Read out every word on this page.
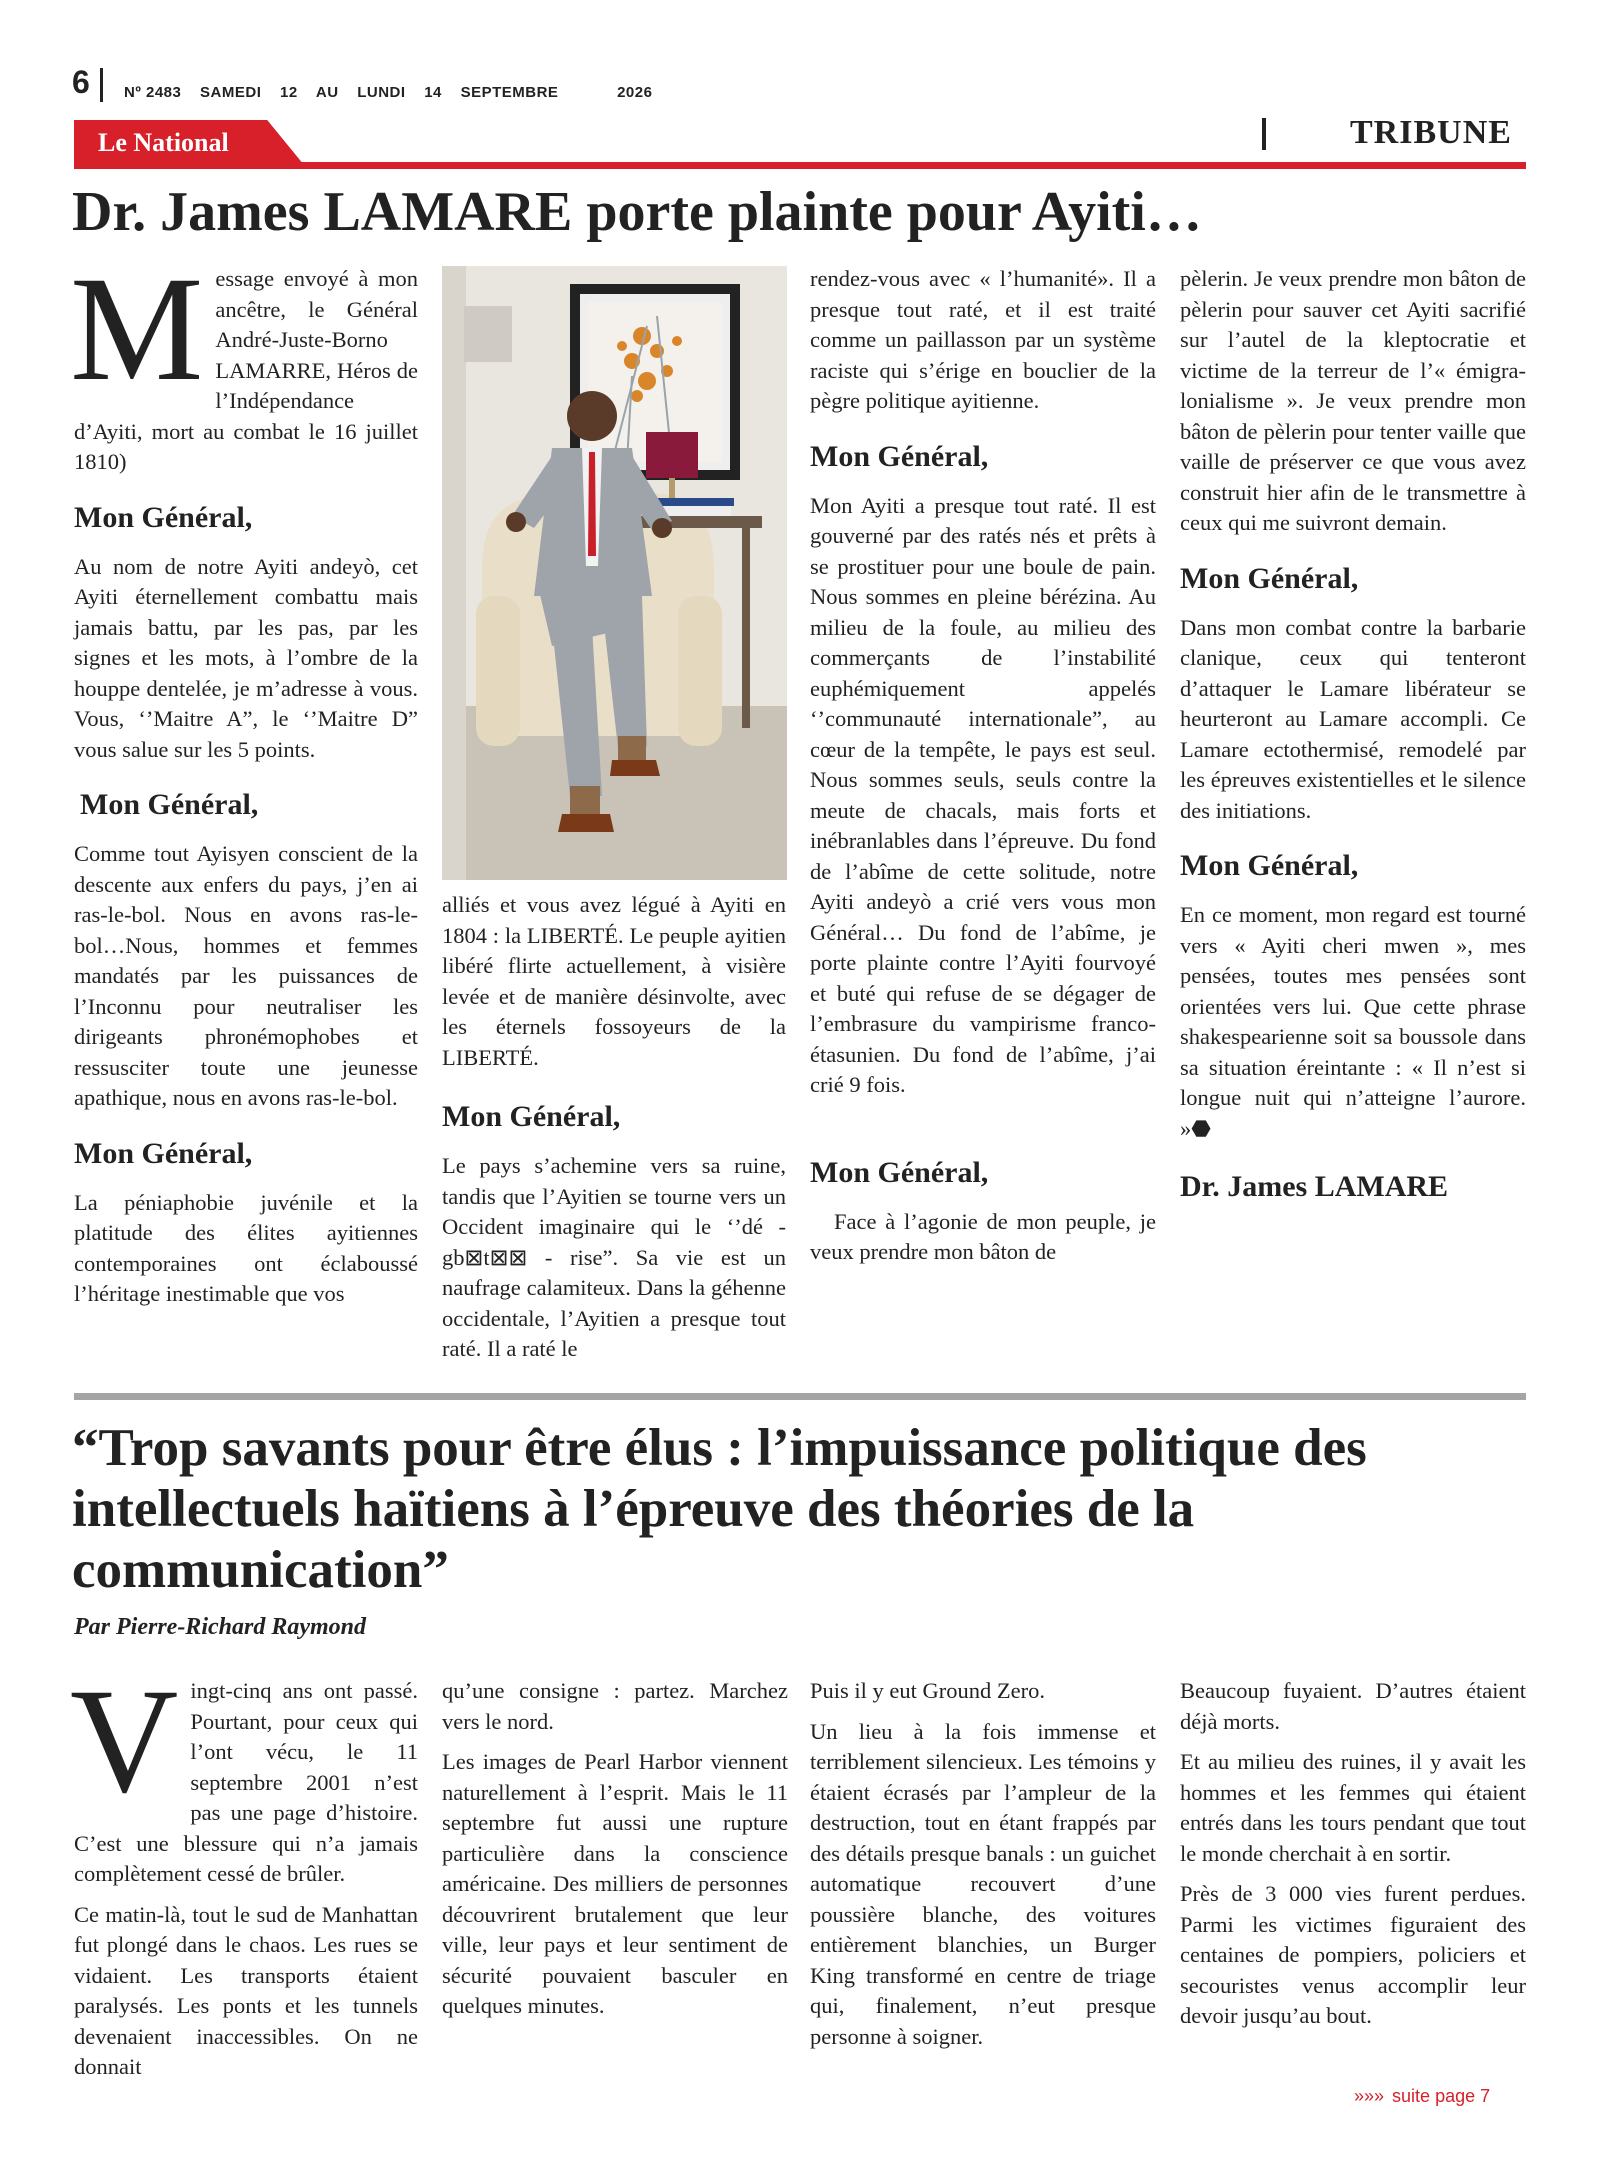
6 Nº 2483 SAMEDI 12 AU LUNDI 14 SEPTEMBRE	2026
Le National	TRIBUNE
Dr. James LAMARE porte plainte pour Ayiti…

Message envoyé à mon ancêtre, le Général André-Juste-Borno LAMARRE, Héros de l’Indépendance d’Ayiti, mort au combat le 16 juillet 1810)

Mon Général,

Au nom de notre Ayiti andeyò, cet Ayiti éternellement combattu mais jamais battu, par les pas, par les signes et les mots, à l’ombre de la houppe dentelée, je m’adresse à vous. Vous, ‘’Maitre A”, le ‘’Maitre D” vous salue sur les 5 points.

Mon Général,

Comme tout Ayisyen conscient de la descente aux enfers du pays, j’en ai ras-le-bol. Nous en avons ras-le-bol…Nous, hommes et femmes mandatés par les puissances de l’Inconnu pour neutraliser les dirigeants phronémophobes et ressusciter toute une jeunesse apathique, nous en avons ras-le-bol.

Mon Général,

La péniaphobie juvénile et la platitude des élites ayitiennes contemporaines ont éclaboussé l’héritage inestimable que vos

alliés et vous avez légué à Ayiti en 1804 : la LIBERTÉ. Le peuple ayitien libéré flirte actuellement, à visière levée et de manière désinvolte, avec les éternels fossoyeurs de la LIBERTÉ.

Mon Général,

Le pays s’achemine vers sa ruine, tandis que l’Ayitien se tourne vers un Occident imaginaire qui le ‘’dé - gb⊠t⊠⊠ - rise”. Sa vie est un naufrage calamiteux. Dans la géhenne occidentale, l’Ayitien a presque tout raté. Il a raté le

rendez-vous avec « l’humanité». Il a presque tout raté, et il est traité comme un paillasson par un système raciste qui s’érige en bouclier de la pègre politique ayitienne.

Mon Général,

Mon Ayiti a presque tout raté. Il est gouverné par des ratés nés et prêts à se prostituer pour une boule de pain. Nous sommes en pleine bérézina. Au milieu de la foule, au milieu des commerçants de l’instabilité euphémiquement appelés ‘’communauté internationale”, au cœur de la tempête, le pays est seul. Nous sommes seuls, seuls contre la meute de chacals, mais forts et inébranlables dans l’épreuve. Du fond de l’abîme de cette solitude, notre Ayiti andeyò a crié vers vous mon Général… Du fond de l’abîme, je porte plainte contre l’Ayiti fourvoyé et buté qui refuse de se dégager de l’embrasure du vampirisme franco-étasunien. Du fond de l’abîme, j’ai crié 9 fois.

Mon Général,

Face à l’agonie de mon peuple, je veux prendre mon bâton de

pèlerin. Je veux prendre mon bâton de pèlerin pour sauver cet Ayiti sacrifié sur l’autel de la kleptocratie et victime de la terreur de l’« émigra-lonialisme ». Je veux prendre mon bâton de pèlerin pour tenter vaille que vaille de préserver ce que vous avez construit hier afin de le transmettre à ceux qui me suivront demain.

Mon Général,

Dans mon combat contre la barbarie clanique, ceux qui tenteront d’attaquer le Lamare libérateur se heurteront au Lamare accompli. Ce Lamare ectothermisé, remodelé par les épreuves existentielles et le silence des initiations.

Mon Général,

En ce moment, mon regard est tourné vers « Ayiti cheri mwen », mes pensées, toutes mes pensées sont orientées vers lui. Que cette phrase shakespearienne soit sa boussole dans sa situation éreintante : « Il n’est si longue nuit qui n’atteigne l’aurore. »⬣

Dr. James LAMARE
“Trop savants pour être élus : l’impuissance politique des intellectuels haïtiens à l’épreuve des théories de la communication”
Par Pierre-Richard Raymond

Vingt-cinq ans ont passé. Pourtant, pour ceux qui l’ont vécu, le 11 septembre 2001 n’est pas une page d’histoire. C’est une blessure qui n’a jamais complètement cessé de brûler.

Ce matin-là, tout le sud de Manhattan fut plongé dans le chaos. Les rues se vidaient. Les transports étaient paralysés. Les ponts et les tunnels devenaient inaccessibles. On ne donnait

qu’une consigne : partez. Marchez vers le nord.

Les images de Pearl Harbor viennent naturellement à l’esprit. Mais le 11 septembre fut aussi une rupture particulière dans la conscience américaine. Des milliers de personnes découvrirent brutalement que leur ville, leur pays et leur sentiment de sécurité pouvaient basculer en quelques minutes.

Puis il y eut Ground Zero.

Un lieu à la fois immense et terriblement silencieux. Les témoins y étaient écrasés par l’ampleur de la destruction, tout en étant frappés par des détails presque banals : un guichet automatique recouvert d’une poussière blanche, des voitures entièrement blanchies, un Burger King transformé en centre de triage qui, finalement, n’eut presque personne à soigner.

Beaucoup fuyaient. D’autres étaient déjà morts.

Et au milieu des ruines, il y avait les hommes et les femmes qui étaient entrés dans les tours pendant que tout le monde cherchait à en sortir.

Près de 3 000 vies furent perdues. Parmi les victimes figuraient des centaines de pompiers, policiers et secouristes venus accomplir leur devoir jusqu’au bout.

»»» suite page 7
